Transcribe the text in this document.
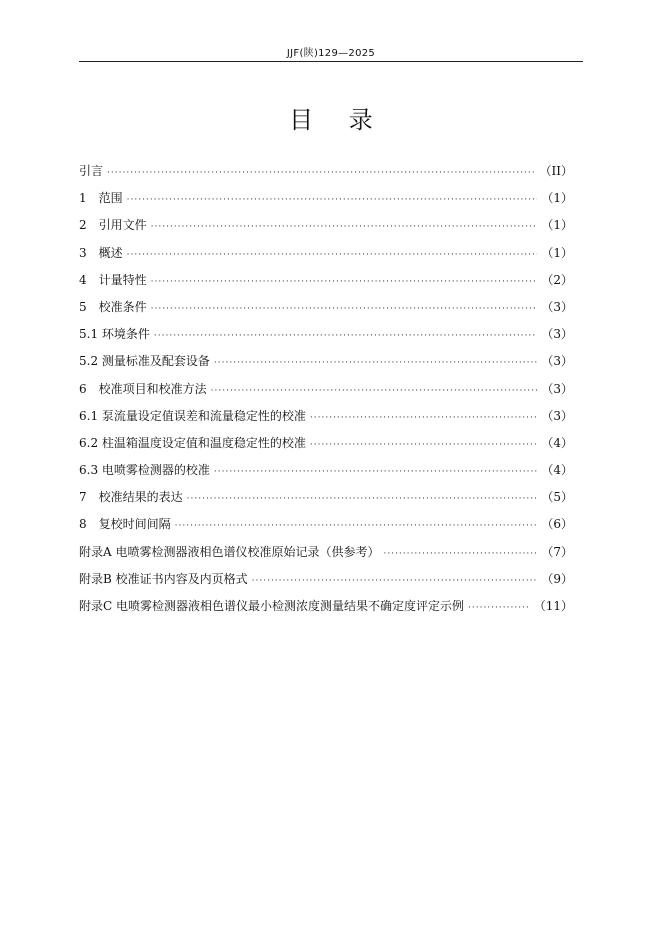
JJF(陕)129—2025
目 录
引言 ·····	（II）
1　范围 ·····	（1）
2　引用文件 ·····	（1）
3　概述 ·····	（1）
4　计量特性 ·····	（2）
5　校准条件 ·····	（3）
5.1 环境条件 ·····	（3）
5.2 测量标准及配套设备 ·····	（3）
6　校准项目和校准方法 ·····	（3）
6.1 泵流量设定值误差和流量稳定性的校准 ·····	（3）
6.2 柱温箱温度设定值和温度稳定性的校准 ·····	（4）
6.3 电喷雾检测器的校准 ·····	（4）
7　校准结果的表达 ·····	（5）
8　复校时间间隔 ·····	（6）
附录A 电喷雾检测器液相色谱仪校准原始记录（供参考） ·····	（7）
附录B 校准证书内容及内页格式 ·····	（9）
附录C 电喷雾检测器液相色谱仪最小检测浓度测量结果不确定度评定示例 ·····	（11）
